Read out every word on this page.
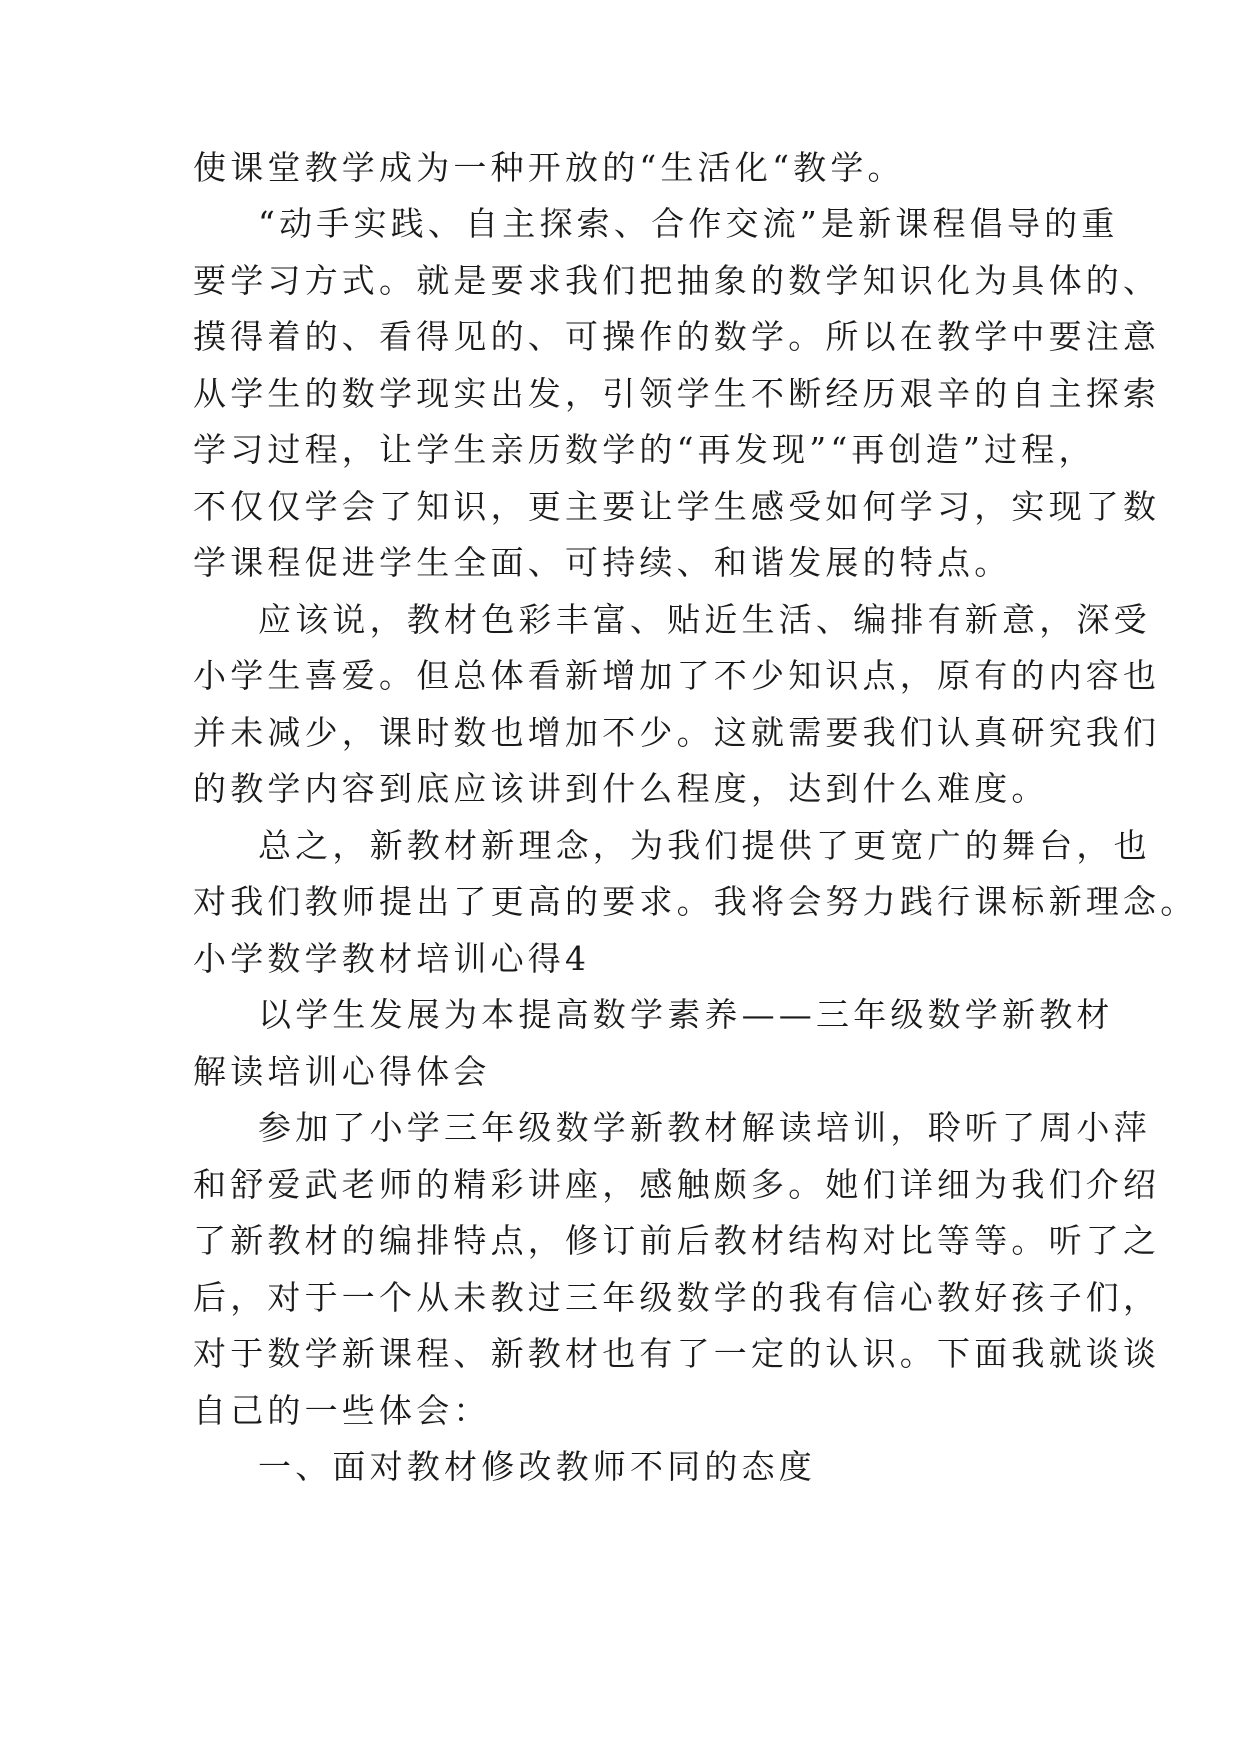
使课堂教学成为一种开放的“生活化“教学。

“动手实践、自主探索、合作交流”是新课程倡导的重

要学习方式。就是要求我们把抽象的数学知识化为具体的、

摸得着的、看得见的、可操作的数学。所以在教学中要注意

从学生的数学现实出发，引领学生不断经历艰辛的自主探索

学习过程，让学生亲历数学的“再发现”“再创造”过程，

不仅仅学会了知识，更主要让学生感受如何学习，实现了数

学课程促进学生全面、可持续、和谐发展的特点。

应该说，教材色彩丰富、贴近生活、编排有新意，深受

小学生喜爱。但总体看新增加了不少知识点，原有的内容也

并未减少，课时数也增加不少。这就需要我们认真研究我们

的教学内容到底应该讲到什么程度，达到什么难度。

总之，新教材新理念，为我们提供了更宽广的舞台，也

对我们教师提出了更高的要求。我将会努力践行课标新理念。

小学数学教材培训心得4

以学生发展为本提高数学素养——三年级数学新教材

解读培训心得体会

参加了小学三年级数学新教材解读培训，聆听了周小萍

和舒爱武老师的精彩讲座，感触颇多。她们详细为我们介绍

了新教材的编排特点，修订前后教材结构对比等等。听了之

后，对于一个从未教过三年级数学的我有信心教好孩子们，

对于数学新课程、新教材也有了一定的认识。下面我就谈谈

自己的一些体会：

一、面对教材修改教师不同的态度
